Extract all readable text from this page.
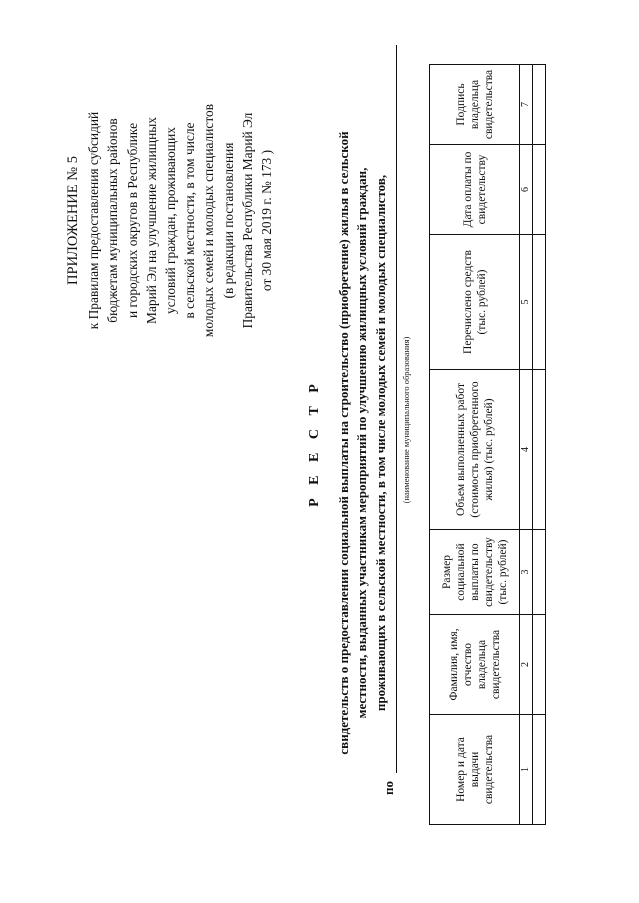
ПРИЛОЖЕНИЕ № 5 к Правилам предоставления субсидий бюджетам муниципальных районов и городских округов в Республике Марий Эл на улучшение жилищных условий граждан, проживающих в сельской местности, в том числе молодых семей и молодых специалистов (в редакции постановления Правительства Республики Марий Эл от 30 мая 2019 г. № 173 )
Р Е Е С Т Р свидетельств о предоставлении социальной выплаты на строительство (приобретение) жилья в сельской местности, выданных участникам мероприятий по улучшению жилищных условий граждан, проживающих в сельской местности, в том числе молодых семей и молодых специалистов,
по
(наименование муниципального образования)
Номер и дата выдачи свидетельства	Фамилия, имя, отчество владельца свидетельства	Размер социальной выплаты по свидетельству (тыс. рублей)	Объем выполненных работ (стоимость приобретенного жилья) (тыс. рублей)	Перечислено средств (тыс. рублей)	Дата оплаты по свидетельству	Подпись владельца свидетельства
1	2	3	4	5	6	7
